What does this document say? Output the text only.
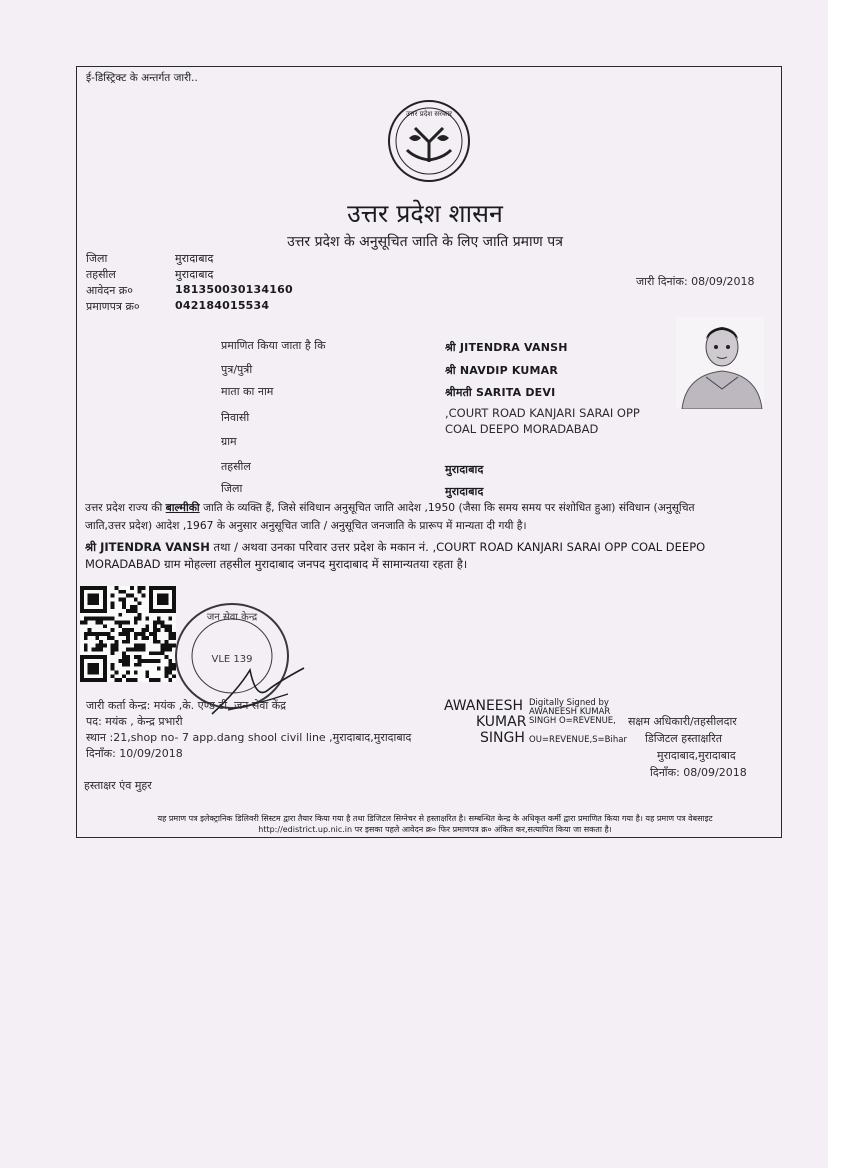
ई-डिस्ट्रिक्ट के अन्तर्गत जारी..
उत्तर प्रदेश सरकार
उत्तर प्रदेश शासन
उत्तर प्रदेश के अनुसूचित जाति के लिए जाति प्रमाण पत्र
जिला	मुरादाबाद
तहसील	मुरादाबाद
आवेदन क्र०	181350030134160
प्रमाणपत्र क्र०	042184015534
जारी दिनांक: 08/09/2018
प्रमाणित किया जाता है कि	श्री JITENDRA VANSH
पुत्र/पुत्री	श्री NAVDIP KUMAR
माता का नाम	श्रीमती SARITA DEVI
निवासी	,COURT ROAD KANJARI SARAI OPP
COAL DEEPO MORADABAD
ग्राम
तहसील	मुरादाबाद
जिला	मुरादाबाद
उत्तर प्रदेश राज्य की बाल्मीकी जाति के व्यक्ति हैं, जिसे संविधान अनुसूचित जाति आदेश ,1950 (जैसा कि समय समय पर संशोधित हुआ) संविधान (अनुसूचित
जाति,उत्तर प्रदेश) आदेश ,1967 के अनुसार अनुसूचित जाति / अनुसूचित जनजाति के प्रारूप में मान्यता दी गयी है।
श्री JITENDRA VANSH तथा / अथवा उनका परिवार उत्तर प्रदेश के मकान नं. ,COURT ROAD KANJARI SARAI OPP COAL DEEPO
MORADABAD ग्राम मोहल्ला तहसील मुरादाबाद जनपद मुरादाबाद में सामान्यतया रहता है।
जन सेवा केन्द्र
VLE 139
जारी कर्ता केन्द्र: मयंक ,के. एण्ड डी. जन सेवा केंद्र
पद: मयंक , केन्द्र प्रभारी
स्थान :21,shop no- 7 app.dang shool civil line ,मुरादाबाद,मुरादाबाद
दिनाँक: 10/09/2018
हस्ताक्षर एंव मुहर
AWANEESH
KUMAR
SINGH
Digitally Signed by
AWANEESH KUMAR
SINGH O=REVENUE,
OU=REVENUE,S=Bihar
सक्षम अधिकारी/तहसीलदार
डिजिटल हस्ताक्षरित
मुरादाबाद,मुरादाबाद
दिनाँक: 08/09/2018
यह प्रमाण पत्र इलेक्ट्रानिक डिलिवरी सिस्टम द्वारा तैयार किया गया है तथा डिजिटल सिग्नेचर से हस्ताक्षरित है। सम्बन्धित केन्द्र के अधिकृत कर्मी द्वारा प्रमाणित किया गया है। यह प्रमाण पत्र वेबसाइट
http://edistrict.up.nic.in पर इसका पहले आवेदन क्र० फिर प्रमाणपत्र क्र० अंकित कर,सत्यापित किया जा सकता है।
